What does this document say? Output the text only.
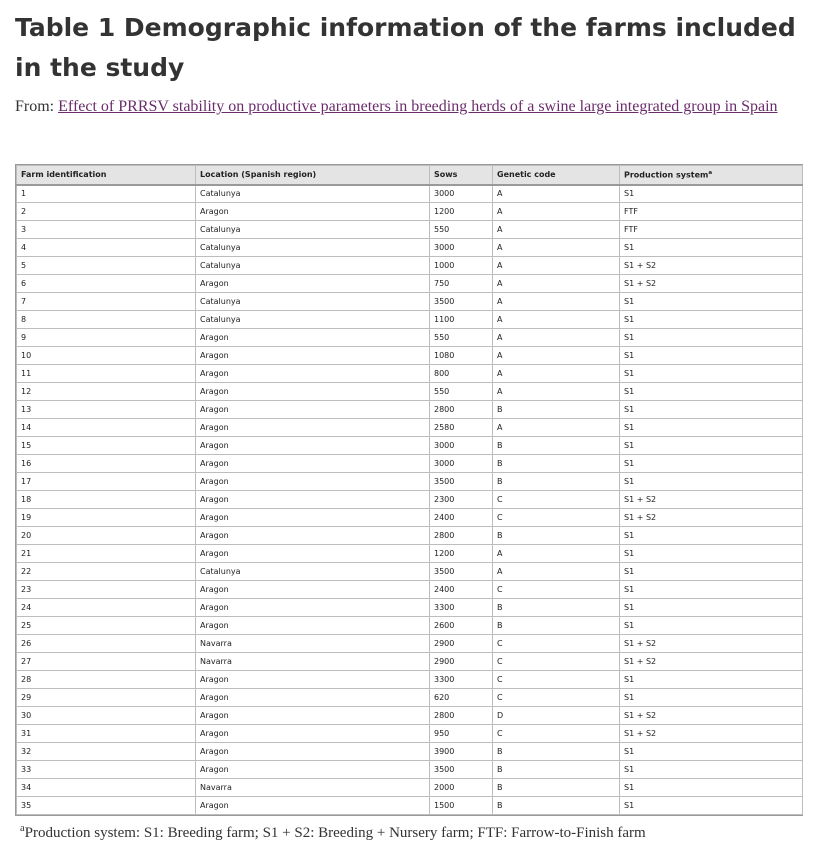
Table 1 Demographic information of the farms included in the study
From: Effect of PRRSV stability on productive parameters in breeding herds of a swine large integrated group in Spain
Farm identification	Location (Spanish region)	Sows	Genetic code	Production system$^a$
1	Catalunya	3000	A	S1
2	Aragon	1200	A	FTF
3	Catalunya	550	A	FTF
4	Catalunya	3000	A	S1
5	Catalunya	1000	A	S1 + S2
6	Aragon	750	A	S1 + S2
7	Catalunya	3500	A	S1
8	Catalunya	1100	A	S1
9	Aragon	550	A	S1
10	Aragon	1080	A	S1
11	Aragon	800	A	S1
12	Aragon	550	A	S1
13	Aragon	2800	B	S1
14	Aragon	2580	A	S1
15	Aragon	3000	B	S1
16	Aragon	3000	B	S1
17	Aragon	3500	B	S1
18	Aragon	2300	C	S1 + S2
19	Aragon	2400	C	S1 + S2
20	Aragon	2800	B	S1
21	Aragon	1200	A	S1
22	Catalunya	3500	A	S1
23	Aragon	2400	C	S1
24	Aragon	3300	B	S1
25	Aragon	2600	B	S1
26	Navarra	2900	C	S1 + S2
27	Navarra	2900	C	S1 + S2
28	Aragon	3300	C	S1
29	Aragon	620	C	S1
30	Aragon	2800	D	S1 + S2
31	Aragon	950	C	S1 + S2
32	Aragon	3900	B	S1
33	Aragon	3500	B	S1
34	Navarra	2000	B	S1
35	Aragon	1500	B	S1
$^a$Production system: S1: Breeding farm; S1 + S2: Breeding + Nursery farm; FTF: Farrow-to-Finish farm
